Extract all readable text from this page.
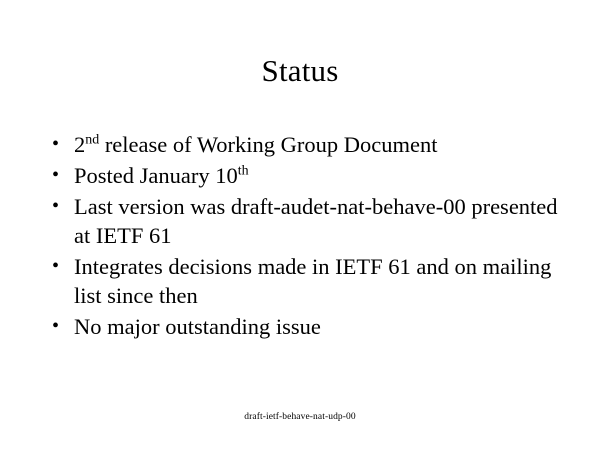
Status
• 2nd release of Working Group Document
• Posted January 10th
• Last version was draft-audet-nat-behave-00 presented at IETF 61
• Integrates decisions made in IETF 61 and on mailing list since then
• No major outstanding issue
draft-ietf-behave-nat-udp-00
